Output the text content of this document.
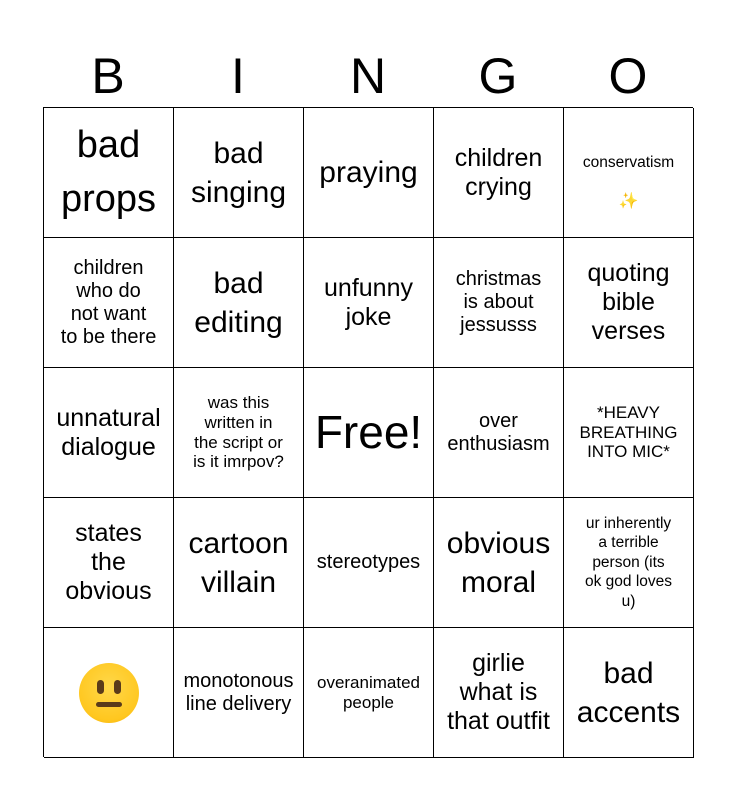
B	I	N	G	O
bad
props
bad
singing
praying children
crying

conservatism

✨

children
who do
not want
to be there
bad
editing
unfunny
joke
christmas
is about
jessusss
quoting
bible
verses
unnatural
dialogue
was this
written in
the script or
is it imrpov?
Free!	over
enthusiasm
*HEAVY
BREATHING
INTO MIC*
states
the
obvious
cartoon
villain
stereotypes
obvious
moral
ur inherently
a terrible
person (its
ok god loves
u)
monotonous
line delivery
overanimated
people
girlie
what is
that outfit
bad
accents
